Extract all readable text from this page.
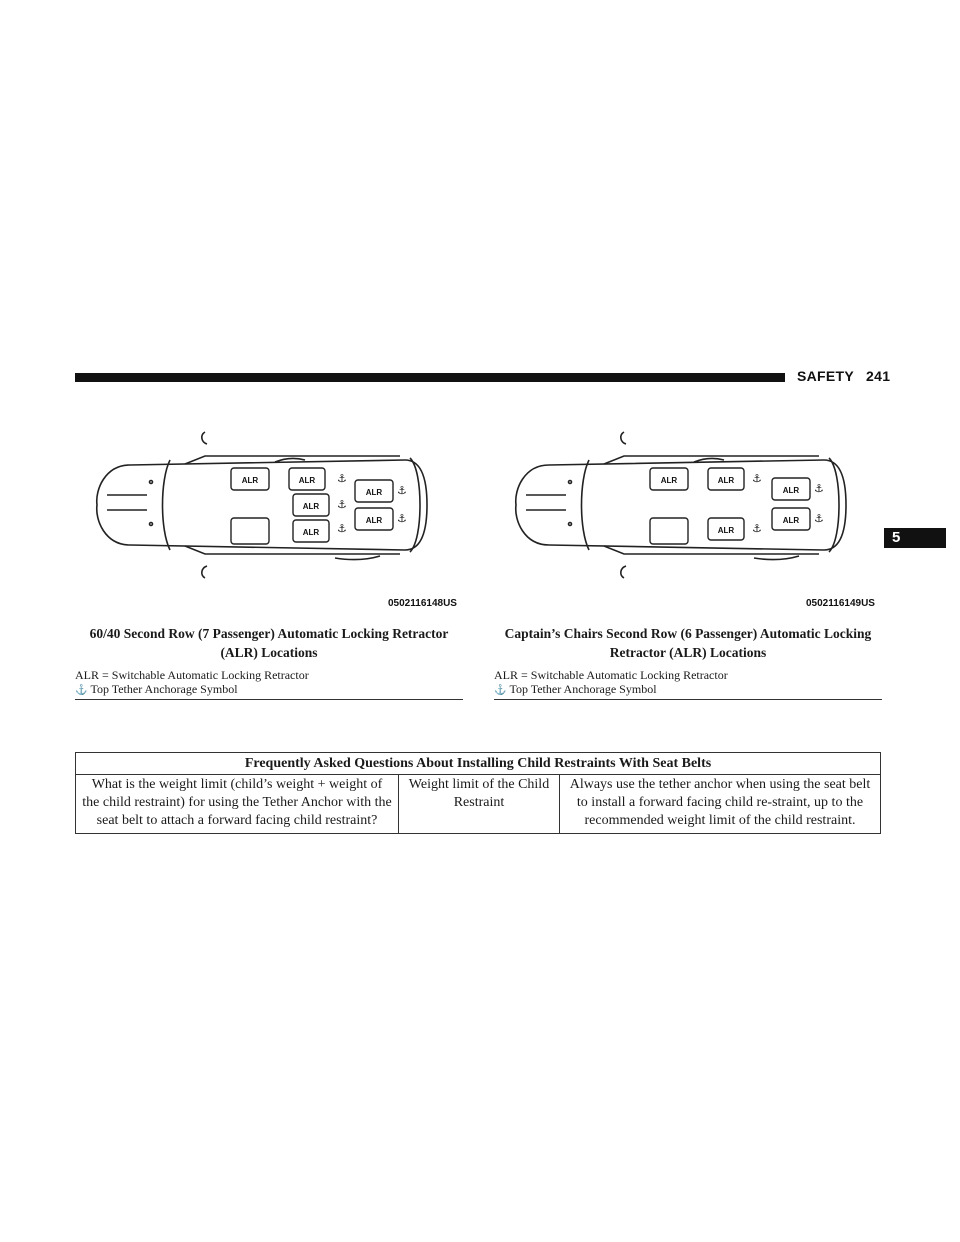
SAFETY 241
5
ALR	ALR
ALR
ALR
ALR
ALR
⚓
⚓
⚓
⚓
⚓
0502116148US
60/40 Second Row (7 Passenger) Automatic Locking Retractor (ALR) Locations
ALR = Switchable Automatic Locking Retractor
⚓ Top Tether Anchorage Symbol
ALR	ALR
ALR
ALR
ALR
⚓
⚓
⚓
⚓
0502116149US
Captain’s Chairs Second Row (6 Passenger) Automatic Locking Retractor (ALR) Locations
ALR = Switchable Automatic Locking Retractor
⚓ Top Tether Anchorage Symbol
Frequently Asked Questions About Installing Child Restraints With Seat Belts
What is the weight limit (child’s weight + weight of the child restraint) for using the Tether Anchor with the seat belt to attach a forward facing child restraint?	Weight limit of the Child Restraint	Always use the tether anchor when using the seat belt to install a forward facing child re-straint, up to the recommended weight limit of the child restraint.
